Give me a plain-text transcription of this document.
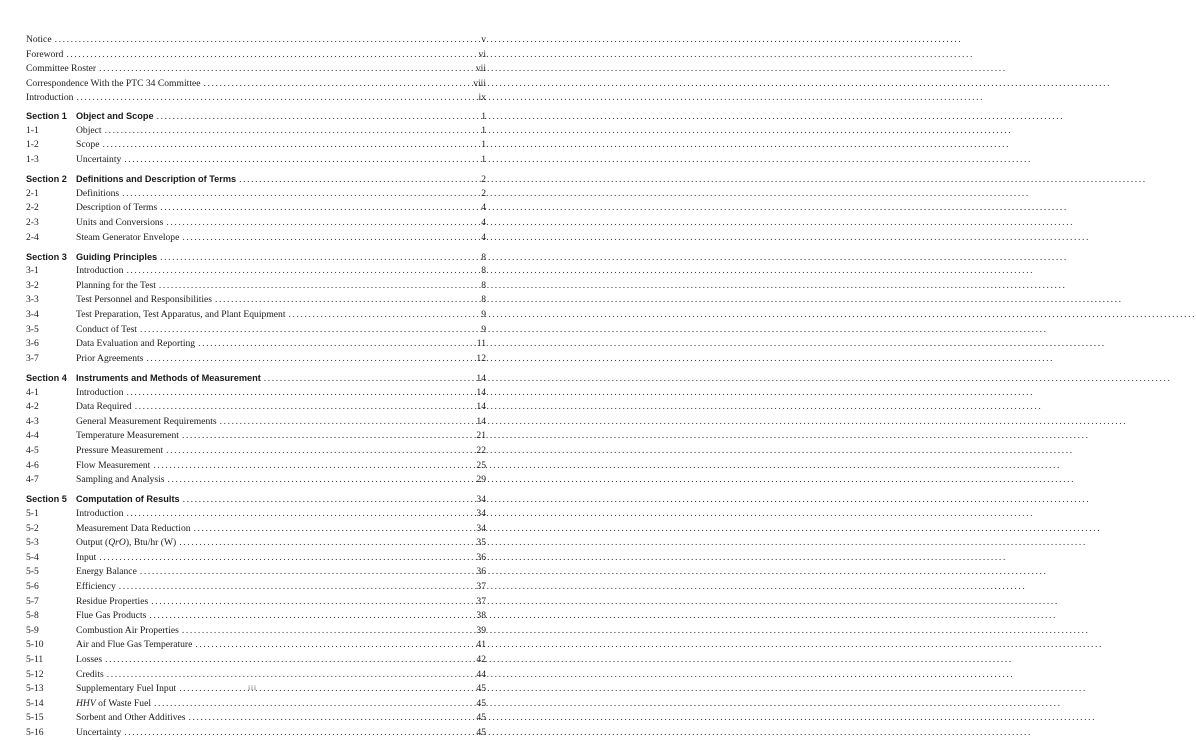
Notice .....	v
Foreword .....	vi
Committee Roster .....	vii
Correspondence With the PTC 34 Committee .....	viii
Introduction .....	ix
Section 1 Object and Scope .....	1
1-1	Object .....	1
1-2	Scope .....	1
1-3	Uncertainty .....	1
Section 2 Definitions and Description of Terms .....	2
2-1	Definitions .....	2
2-2	Description of Terms .....	4
2-3	Units and Conversions .....	4
2-4	Steam Generator Envelope .....	4
Section 3 Guiding Principles .....	8
3-1	Introduction .....	8
3-2	Planning for the Test .....	8
3-3	Test Personnel and Responsibilities .....	8
3-4	Test Preparation, Test Apparatus, and Plant Equipment .....	9
3-5	Conduct of Test .....	9
3-6	Data Evaluation and Reporting .....	11
3-7	Prior Agreements .....	12
Section 4 Instruments and Methods of Measurement .....	14
4-1	Introduction .....	14
4-2	Data Required .....	14
4-3	General Measurement Requirements .....	14
4-4	Temperature Measurement .....	21
4-5	Pressure Measurement .....	22
4-6	Flow Measurement .....	25
4-7	Sampling and Analysis .....	29
Section 5 Computation of Results .....	34
5-1	Introduction .....	34
5-2	Measurement Data Reduction .....	34
5-3	Output (QrO), Btu/hr (W) .....	35
5-4	Input .....	36
5-5	Energy Balance .....	36
5-6	Efficiency .....	37
5-7	Residue Properties .....	37
5-8	Flue Gas Products .....	38
5-9	Combustion Air Properties .....	39
5-10	Air and Flue Gas Temperature .....	41
5-11	Losses .....	42
5-12	Credits .....	44
5-13	Supplementary Fuel Input .....	45
5-14	HHV of Waste Fuel .....	45
5-15	Sorbent and Other Additives .....	45
5-16	Uncertainty .....	45
iii
